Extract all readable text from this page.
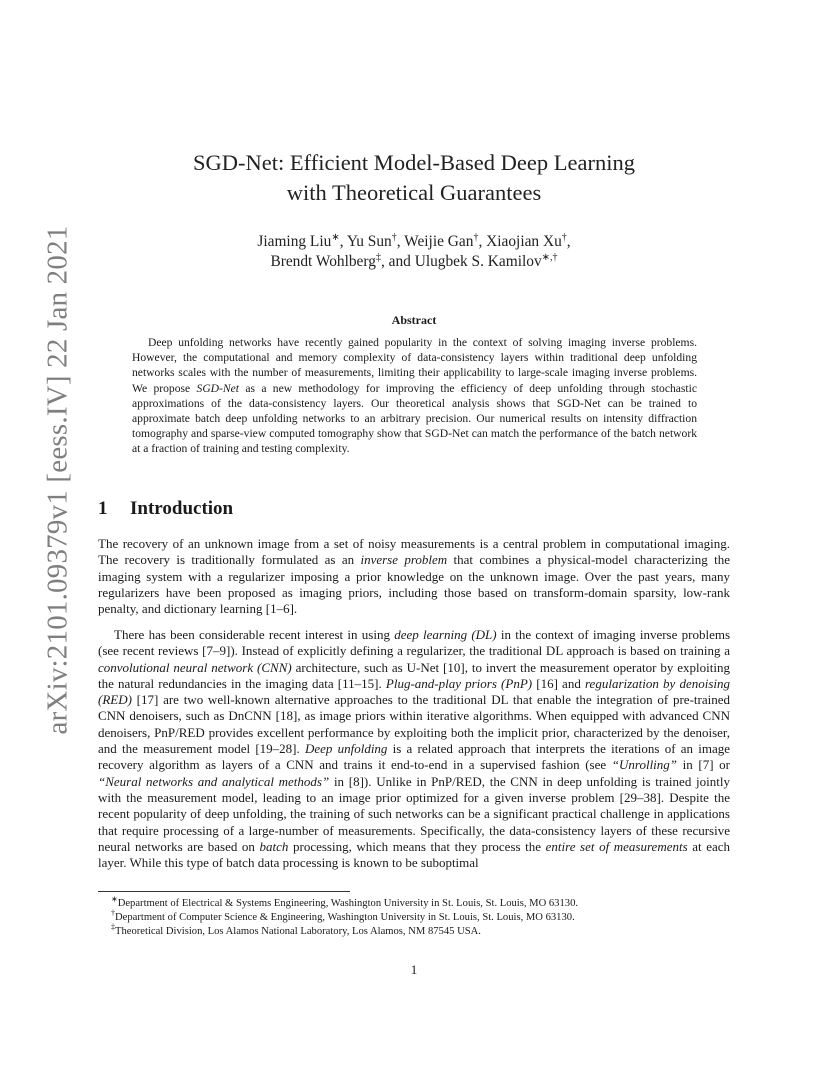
arXiv:2101.09379v1 [eess.IV] 22 Jan 2021
SGD-Net: Efficient Model-Based Deep Learning
with Theoretical Guarantees
Jiaming Liu∗, Yu Sun†, Weijie Gan†, Xiaojian Xu†,
Brendt Wohlberg‡, and Ulugbek S. Kamilov∗,†
Abstract
Deep unfolding networks have recently gained popularity in the context of solving imaging inverse problems. However, the computational and memory complexity of data-consistency layers within traditional deep unfolding networks scales with the number of measurements, limiting their applicability to large-scale imaging inverse problems. We propose SGD-Net as a new methodology for improving the efficiency of deep unfolding through stochastic approximations of the data-consistency layers. Our theoretical analysis shows that SGD-Net can be trained to approximate batch deep unfolding networks to an arbitrary precision. Our numerical results on intensity diffraction tomography and sparse-view computed tomography show that SGD-Net can match the performance of the batch network at a fraction of training and testing complexity.
1 Introduction
The recovery of an unknown image from a set of noisy measurements is a central problem in computational imaging. The recovery is traditionally formulated as an inverse problem that combines a physical-model characterizing the imaging system with a regularizer imposing a prior knowledge on the unknown image. Over the past years, many regularizers have been proposed as imaging priors, including those based on transform-domain sparsity, low-rank penalty, and dictionary learning [1–6].
There has been considerable recent interest in using deep learning (DL) in the context of imaging inverse problems (see recent reviews [7–9]). Instead of explicitly defining a regularizer, the traditional DL approach is based on training a convolutional neural network (CNN) architecture, such as U-Net [10], to invert the measurement operator by exploiting the natural redundancies in the imaging data [11–15]. Plug-and-play priors (PnP) [16] and regularization by denoising (RED) [17] are two well-known alternative approaches to the traditional DL that enable the integration of pre-trained CNN denoisers, such as DnCNN [18], as image priors within iterative algorithms. When equipped with advanced CNN denoisers, PnP/RED provides excellent performance by exploiting both the implicit prior, characterized by the denoiser, and the measurement model [19–28]. Deep unfolding is a related approach that interprets the iterations of an image recovery algorithm as layers of a CNN and trains it end-to-end in a supervised fashion (see “Unrolling” in [7] or “Neural networks and analytical methods” in [8]). Unlike in PnP/RED, the CNN in deep unfolding is trained jointly with the measurement model, leading to an image prior optimized for a given inverse problem [29–38]. Despite the recent popularity of deep unfolding, the training of such networks can be a significant practical challenge in applications that require processing of a large-number of measurements. Specifically, the data-consistency layers of these recursive neural networks are based on batch processing, which means that they process the entire set of measurements at each layer. While this type of batch data processing is known to be suboptimal
∗Department of Electrical & Systems Engineering, Washington University in St. Louis, St. Louis, MO 63130.
†Department of Computer Science & Engineering, Washington University in St. Louis, St. Louis, MO 63130.
‡Theoretical Division, Los Alamos National Laboratory, Los Alamos, NM 87545 USA.
1
